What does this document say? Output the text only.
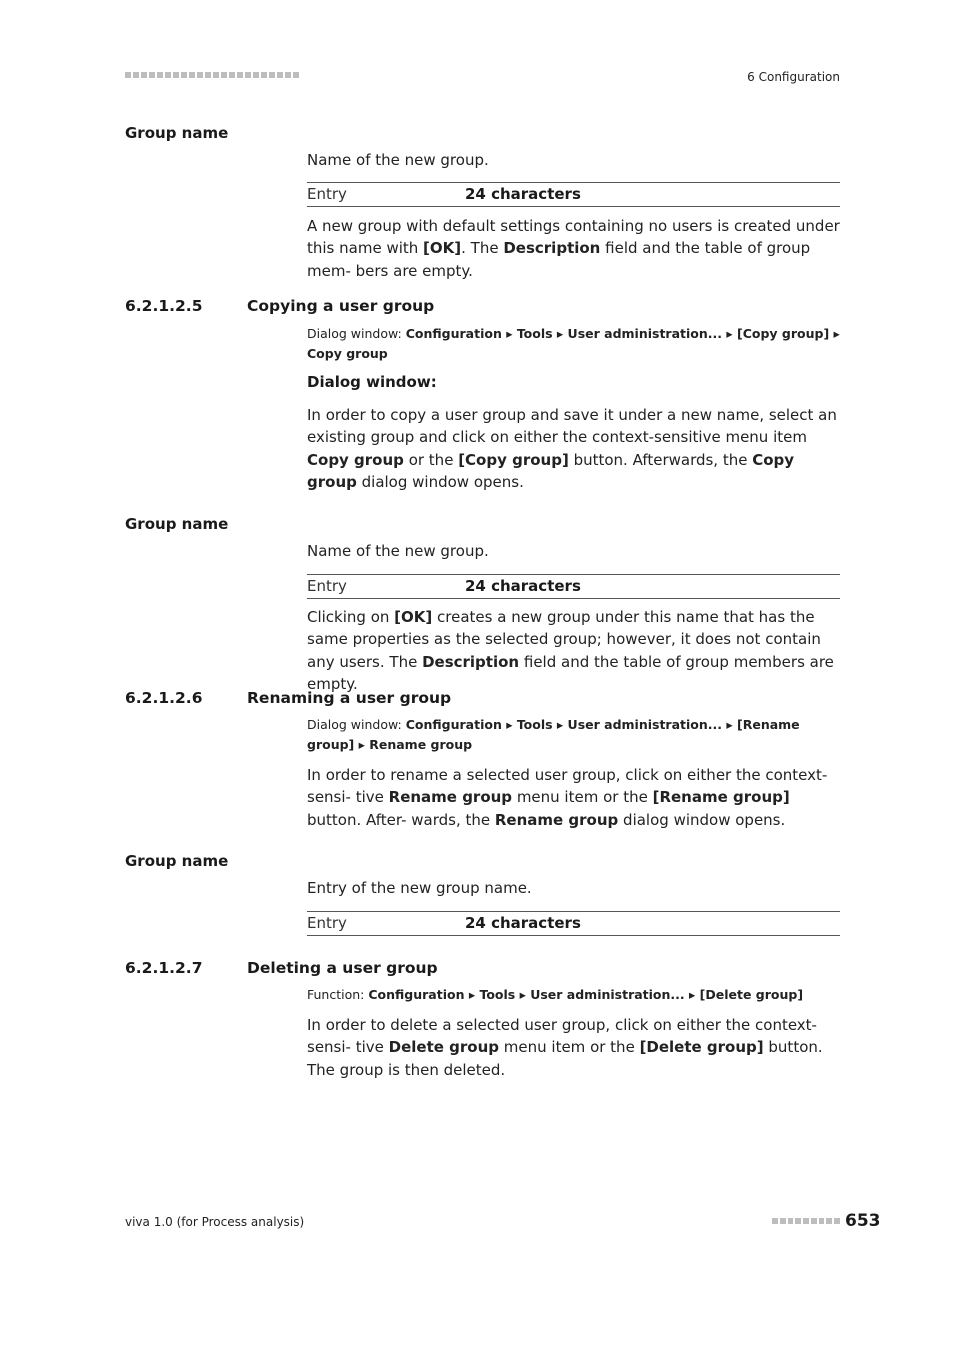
6 Configuration
Group name
Name of the new group.
Entry	24 characters
A new group with default settings containing no users is created under this name with [OK]. The Description field and the table of group mem- bers are empty.
6.2.1.2.5	Copying a user group
Dialog window: Configuration ▸ Tools ▸ User administration... ▸ [Copy group] ▸ Copy group
Dialog window:
In order to copy a user group and save it under a new name, select an existing group and click on either the context-sensitive menu item Copy group or the [Copy group] button. Afterwards, the Copy group dialog window opens.
Group name
Name of the new group.
Entry	24 characters
Clicking on [OK] creates a new group under this name that has the same properties as the selected group; however, it does not contain any users. The Description field and the table of group members are empty.
6.2.1.2.6	Renaming a user group
Dialog window: Configuration ▸ Tools ▸ User administration... ▸ [Rename group] ▸ Rename group
In order to rename a selected user group, click on either the context-sensi- tive Rename group menu item or the [Rename group] button. After- wards, the Rename group dialog window opens.
Group name
Entry of the new group name.
Entry	24 characters
6.2.1.2.7	Deleting a user group
Function: Configuration ▸ Tools ▸ User administration... ▸ [Delete group]
In order to delete a selected user group, click on either the context-sensi- tive Delete group menu item or the [Delete group] button. The group is then deleted.
viva 1.0 (for Process analysis)	653
